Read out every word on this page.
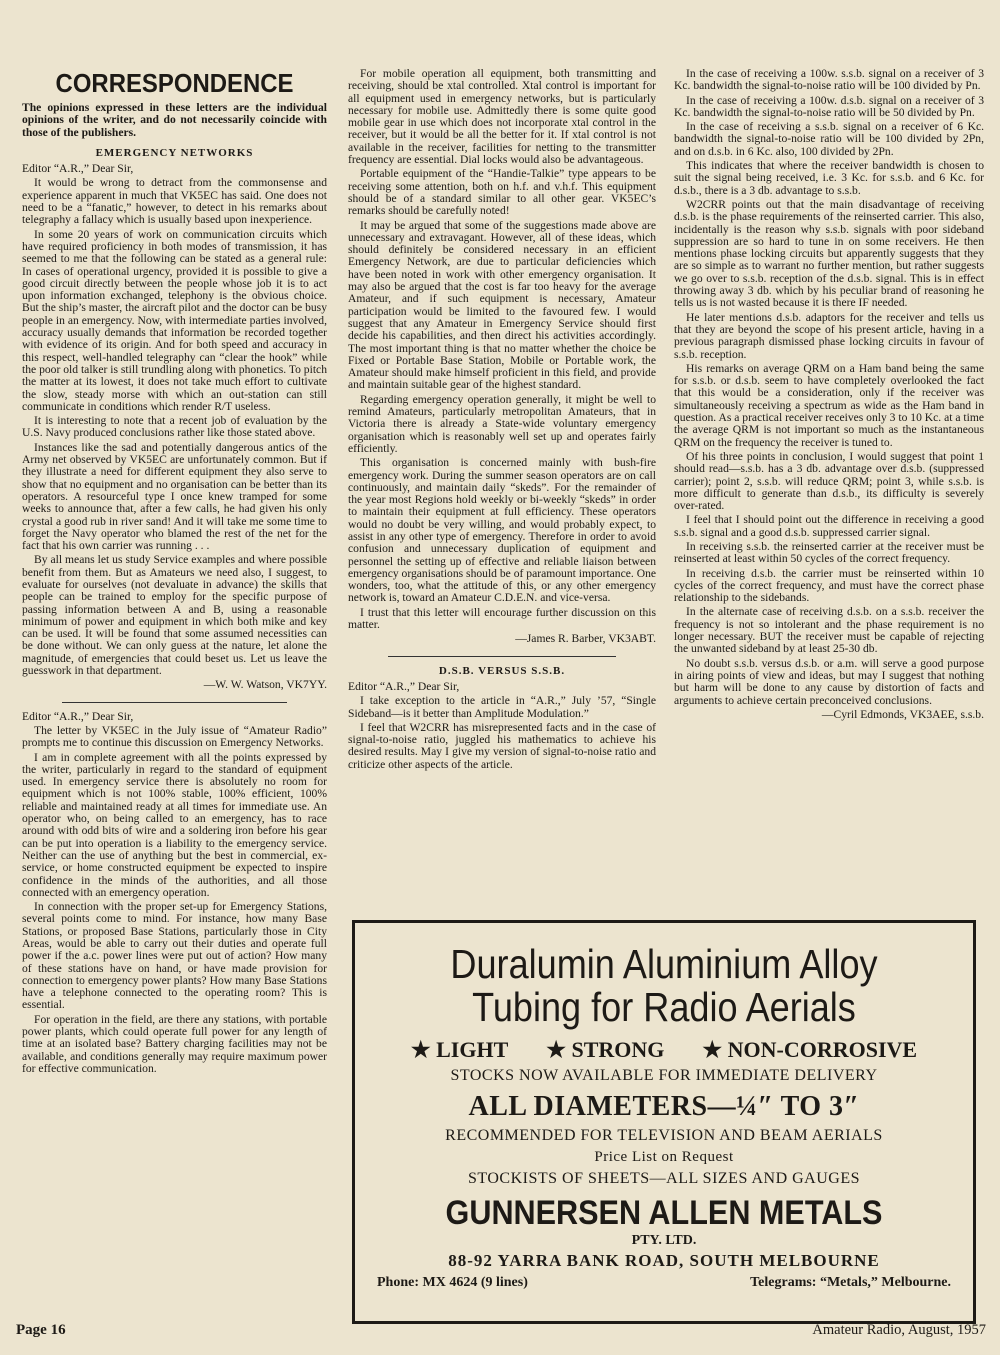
CORRESPONDENCE

The opinions expressed in these letters are the individual opinions of the writer, and do not necessarily coincide with those of the publishers.

EMERGENCY NETWORKS

Editor “A.R.,” Dear Sir,

It would be wrong to detract from the commonsense and experience apparent in much that VK5EC has said. One does not need to be a “fanatic,” however, to detect in his remarks about telegraphy a fallacy which is usually based upon inexperience.

In some 20 years of work on communication circuits which have required proficiency in both modes of transmission, it has seemed to me that the following can be stated as a general rule: In cases of operational urgency, provided it is possible to give a good circuit directly between the people whose job it is to act upon information exchanged, telephony is the obvious choice. But the ship’s master, the aircraft pilot and the doctor can be busy people in an emergency. Now, with intermediate parties involved, accuracy usually demands that information be recorded together with evidence of its origin. And for both speed and accuracy in this respect, well-handled telegraphy can “clear the hook” while the poor old talker is still trundling along with phonetics. To pitch the matter at its lowest, it does not take much effort to cultivate the slow, steady morse with which an out-station can still communicate in conditions which render R/T useless.

It is interesting to note that a recent job of evaluation by the U.S. Navy produced conclusions rather like those stated above.

Instances like the sad and potentially dangerous antics of the Army net observed by VK5EC are unfortunately common. But if they illustrate a need for different equipment they also serve to show that no equipment and no organisation can be better than its operators. A resourceful type I once knew tramped for some weeks to announce that, after a few calls, he had given his only crystal a good rub in river sand! And it will take me some time to forget the Navy operator who blamed the rest of the net for the fact that his own carrier was running . . .

By all means let us study Service examples and where possible benefit from them. But as Amateurs we need also, I suggest, to evaluate for ourselves (not devaluate in advance) the skills that people can be trained to employ for the specific purpose of passing information between A and B, using a reasonable minimum of power and equipment in which both mike and key can be used. It will be found that some assumed necessities can be done without. We can only guess at the nature, let alone the magnitude, of emergencies that could beset us. Let us leave the guesswork in that department.

—W. W. Watson, VK7YY.

Editor “A.R.,” Dear Sir,

The letter by VK5EC in the July issue of “Amateur Radio” prompts me to continue this discussion on Emergency Networks.

I am in complete agreement with all the points expressed by the writer, particularly in regard to the standard of equipment used. In emergency service there is absolutely no room for equipment which is not 100% stable, 100% efficient, 100% reliable and maintained ready at all times for immediate use. An operator who, on being called to an emergency, has to race around with odd bits of wire and a soldering iron before his gear can be put into operation is a liability to the emergency service. Neither can the use of anything but the best in commercial, ex-service, or home constructed equipment be expected to inspire confidence in the minds of the authorities, and all those connected with an emergency operation.

In connection with the proper set-up for Emergency Stations, several points come to mind. For instance, how many Base Stations, or proposed Base Stations, particularly those in City Areas, would be able to carry out their duties and operate full power if the a.c. power lines were put out of action? How many of these stations have on hand, or have made provision for connection to emergency power plants? How many Base Stations have a telephone connected to the operating room? This is essential.

For operation in the field, are there any stations, with portable power plants, which could operate full power for any length of time at an isolated base? Battery charging facilities may not be available, and conditions generally may require maximum power for effective communication.

For mobile operation all equipment, both transmitting and receiving, should be xtal controlled. Xtal control is important for all equipment used in emergency networks, but is particularly necessary for mobile use. Admittedly there is some quite good mobile gear in use which does not incorporate xtal control in the receiver, but it would be all the better for it. If xtal control is not available in the receiver, facilities for netting to the transmitter frequency are essential. Dial locks would also be advantageous.

Portable equipment of the “Handie-Talkie” type appears to be receiving some attention, both on h.f. and v.h.f. This equipment should be of a standard similar to all other gear. VK5EC’s remarks should be carefully noted!

It may be argued that some of the suggestions made above are unnecessary and extravagant. However, all of these ideas, which should definitely be considered necessary in an efficient Emergency Network, are due to particular deficiencies which have been noted in work with other emergency organisation. It may also be argued that the cost is far too heavy for the average Amateur, and if such equipment is necessary, Amateur participation would be limited to the favoured few. I would suggest that any Amateur in Emergency Service should first decide his capabilities, and then direct his activities accordingly. The most important thing is that no matter whether the choice be Fixed or Portable Base Station, Mobile or Portable work, the Amateur should make himself proficient in this field, and provide and maintain suitable gear of the highest standard.

Regarding emergency operation generally, it might be well to remind Amateurs, particularly metropolitan Amateurs, that in Victoria there is already a State-wide voluntary emergency organisation which is reasonably well set up and operates fairly efficiently.

This organisation is concerned mainly with bush-fire emergency work. During the summer season operators are on call continuously, and maintain daily “skeds”. For the remainder of the year most Regions hold weekly or bi-weekly “skeds” in order to maintain their equipment at full efficiency. These operators would no doubt be very willing, and would probably expect, to assist in any other type of emergency. Therefore in order to avoid confusion and unnecessary duplication of equipment and personnel the setting up of effective and reliable liaison between emergency organisations should be of paramount importance. One wonders, too, what the attitude of this, or any other emergency network is, toward an Amateur C.D.E.N. and vice-versa.

I trust that this letter will encourage further discussion on this matter.

—James R. Barber, VK3ABT.

D.S.B. VERSUS S.S.B.

Editor “A.R.,” Dear Sir,

I take exception to the article in “A.R.,” July ’57, “Single Sideband—is it better than Amplitude Modulation.”

I feel that W2CRR has misrepresented facts and in the case of signal-to-noise ratio, juggled his mathematics to achieve his desired results. May I give my version of signal-to-noise ratio and criticize other aspects of the article.

In the case of receiving a 100w. s.s.b. signal on a receiver of 3 Kc. bandwidth the signal-to-noise ratio will be 100 divided by Pn.

In the case of receiving a 100w. d.s.b. signal on a receiver of 3 Kc. bandwidth the signal-to-noise ratio will be 50 divided by Pn.

In the case of receiving a s.s.b. signal on a receiver of 6 Kc. bandwidth the signal-to-noise ratio will be 100 divided by 2Pn, and on d.s.b. in 6 Kc. also, 100 divided by 2Pn.

This indicates that where the receiver bandwidth is chosen to suit the signal being received, i.e. 3 Kc. for s.s.b. and 6 Kc. for d.s.b., there is a 3 db. advantage to s.s.b.

W2CRR points out that the main disadvantage of receiving d.s.b. is the phase requirements of the reinserted carrier. This also, incidentally is the reason why s.s.b. signals with poor sideband suppression are so hard to tune in on some receivers. He then mentions phase locking circuits but apparently suggests that they are so simple as to warrant no further mention, but rather suggests we go over to s.s.b. reception of the d.s.b. signal. This is in effect throwing away 3 db. which by his peculiar brand of reasoning he tells us is not wasted because it is there IF needed.

He later mentions d.s.b. adaptors for the receiver and tells us that they are beyond the scope of his present article, having in a previous paragraph dismissed phase locking circuits in favour of s.s.b. reception.

His remarks on average QRM on a Ham band being the same for s.s.b. or d.s.b. seem to have completely overlooked the fact that this would be a consideration, only if the receiver was simultaneously receiving a spectrum as wide as the Ham band in question. As a practical receiver receives only 3 to 10 Kc. at a time the average QRM is not important so much as the instantaneous QRM on the frequency the receiver is tuned to.

Of his three points in conclusion, I would suggest that point 1 should read—s.s.b. has a 3 db. advantage over d.s.b. (suppressed carrier); point 2, s.s.b. will reduce QRM; point 3, while s.s.b. is more difficult to generate than d.s.b., its difficulty is severely over-rated.

I feel that I should point out the difference in receiving a good s.s.b. signal and a good d.s.b. suppressed carrier signal.

In receiving s.s.b. the reinserted carrier at the receiver must be reinserted at least within 50 cycles of the correct frequency.

In receiving d.s.b. the carrier must be reinserted within 10 cycles of the correct frequency, and must have the correct phase relationship to the sidebands.

In the alternate case of receiving d.s.b. on a s.s.b. receiver the frequency is not so intolerant and the phase requirement is no longer necessary. BUT the receiver must be capable of rejecting the unwanted sideband by at least 25-30 db.

No doubt s.s.b. versus d.s.b. or a.m. will serve a good purpose in airing points of view and ideas, but may I suggest that nothing but harm will be done to any cause by distortion of facts and arguments to achieve certain preconceived conclusions.

—Cyril Edmonds, VK3AEE, s.s.b.

Duralumin Aluminium Alloy
Tubing for Radio Aerials
★ LIGHT ★ STRONG ★ NON-CORROSIVE
STOCKS NOW AVAILABLE FOR IMMEDIATE DELIVERY
ALL DIAMETERS—¼″ TO 3″
RECOMMENDED FOR TELEVISION AND BEAM AERIALS
Price List on Request
STOCKISTS OF SHEETS—ALL SIZES AND GAUGES
GUNNERSEN ALLEN METALS
PTY. LTD.
88-92 YARRA BANK ROAD, SOUTH MELBOURNE
Phone: MX 4624 (9 lines)	Telegrams: “Metals,” Melbourne.
Page 16	Amateur Radio, August, 1957
